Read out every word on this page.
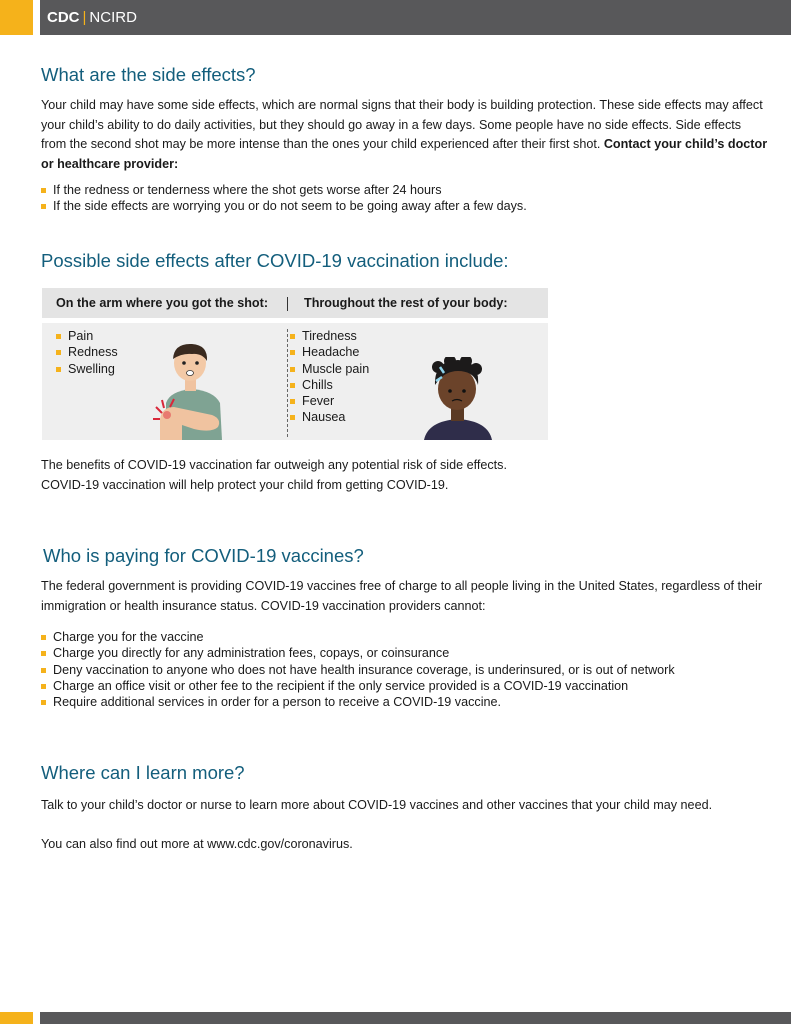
CDC | NCIRD
What are the side effects?
Your child may have some side effects, which are normal signs that their body is building protection. These side effects may affect
your child’s ability to do daily activities, but they should go away in a few days. Some people have no side effects. Side effects
from the second shot may be more intense than the ones your child experienced after their first shot. Contact your child’s doctor
or healthcare provider:
If the redness or tenderness where the shot gets worse after 24 hours
If the side effects are worrying you or do not seem to be going away after a few days.
Possible side effects after COVID-19 vaccination include:
On the arm where you got the shot:	Throughout the rest of your body:
Pain
Redness
Swelling
Tiredness
Headache
Muscle pain
Chills
Fever
Nausea
The benefits of COVID-19 vaccination far outweigh any potential risk of side effects.
COVID-19 vaccination will help protect your child from getting COVID-19.
Who is paying for COVID-19 vaccines?
The federal government is providing COVID-19 vaccines free of charge to all people living in the United States, regardless of their
immigration or health insurance status. COVID-19 vaccination providers cannot:
Charge you for the vaccine
Charge you directly for any administration fees, copays, or coinsurance
Deny vaccination to anyone who does not have health insurance coverage, is underinsured, or is out of network
Charge an office visit or other fee to the recipient if the only service provided is a COVID-19 vaccination
Require additional services in order for a person to receive a COVID-19 vaccine.
Where can I learn more?
Talk to your child’s doctor or nurse to learn more about COVID-19 vaccines and other vaccines that your child may need.
You can also find out more at www.cdc.gov/coronavirus.
